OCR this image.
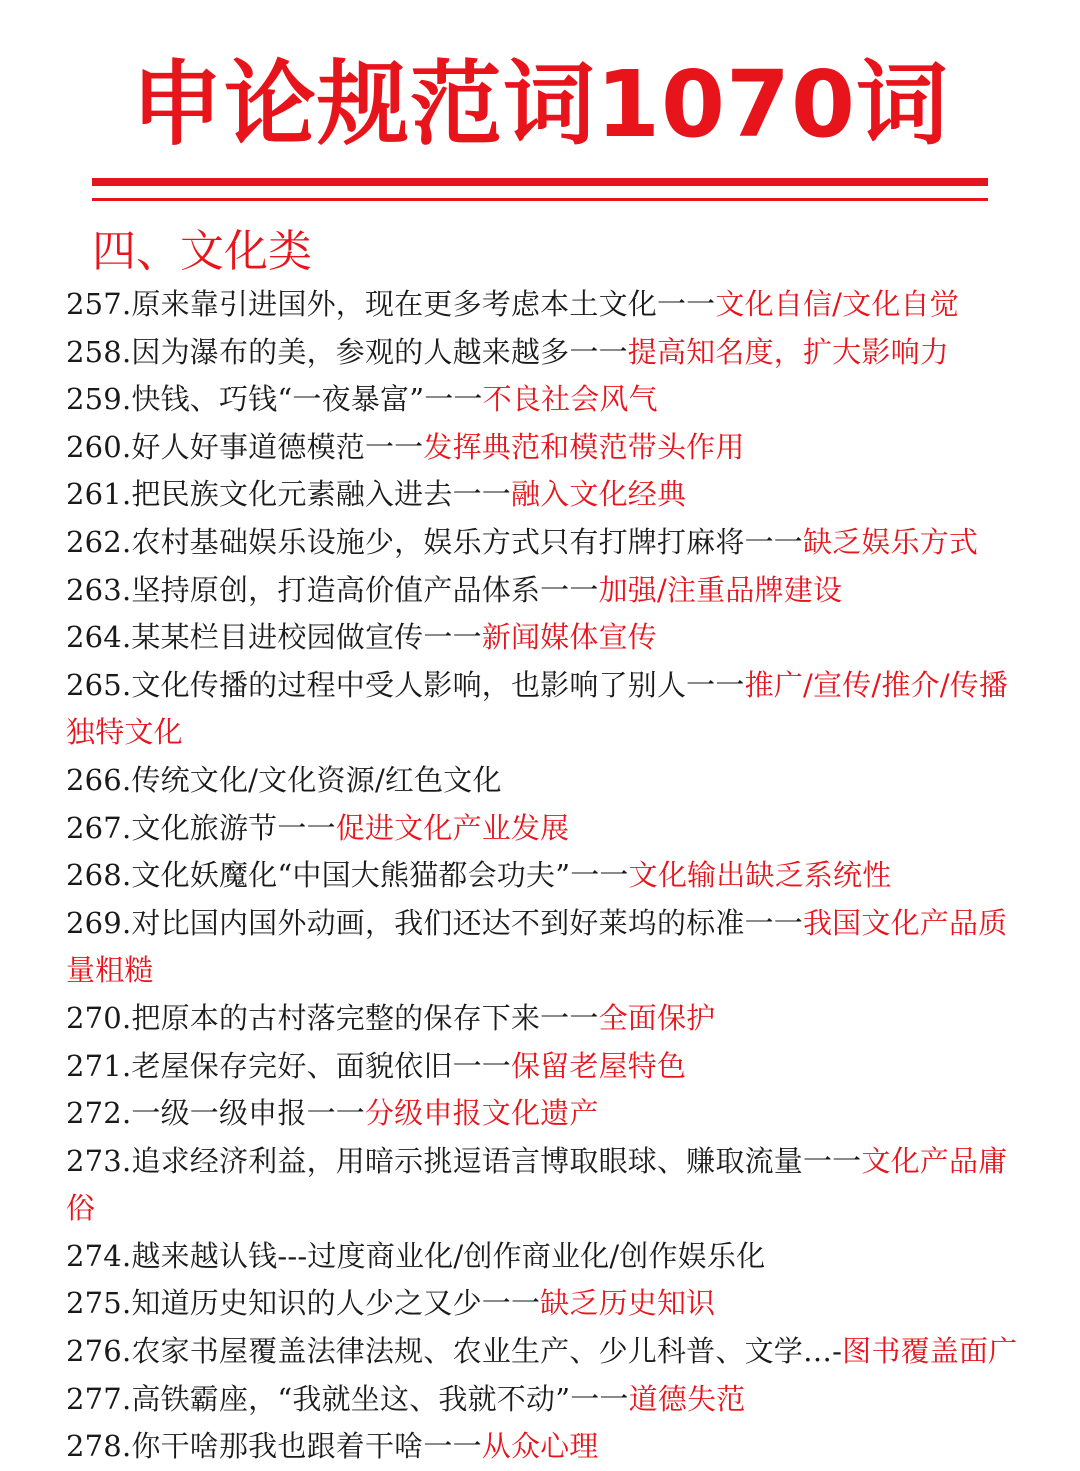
申论规范词1070词
四、文化类
257.原来靠引进国外，现在更多考虑本土文化一一文化自信/文化自觉
258.因为瀑布的美，参观的人越来越多一一提高知名度，扩大影响力
259.快钱、巧钱“一夜暴富”一一不良社会风气
260.好人好事道德模范一一发挥典范和模范带头作用
261.把民族文化元素融入进去一一融入文化经典
262.农村基础娱乐设施少，娱乐方式只有打牌打麻将一一缺乏娱乐方式
263.坚持原创，打造高价值产品体系一一加强/注重品牌建设
264.某某栏目进校园做宣传一一新闻媒体宣传
265.文化传播的过程中受人影响，也影响了别人一一推广/宣传/推介/传播独特文化
266.传统文化/文化资源/红色文化
267.文化旅游节一一促进文化产业发展
268.文化妖魔化“中国大熊猫都会功夫”一一文化输出缺乏系统性
269.对比国内国外动画，我们还达不到好莱坞的标准一一我国文化产品质量粗糙
270.把原本的古村落完整的保存下来一一全面保护
271.老屋保存完好、面貌依旧一一保留老屋特色
272.一级一级申报一一分级申报文化遗产
273.追求经济利益，用暗示挑逗语言博取眼球、赚取流量一一文化产品庸俗
274.越来越认钱---过度商业化/创作商业化/创作娱乐化
275.知道历史知识的人少之又少一一缺乏历史知识
276.农家书屋覆盖法律法规、农业生产、少儿科普、文学…-图书覆盖面广
277.高铁霸座，“我就坐这、我就不动”一一道德失范
278.你干啥那我也跟着干啥一一从众心理
